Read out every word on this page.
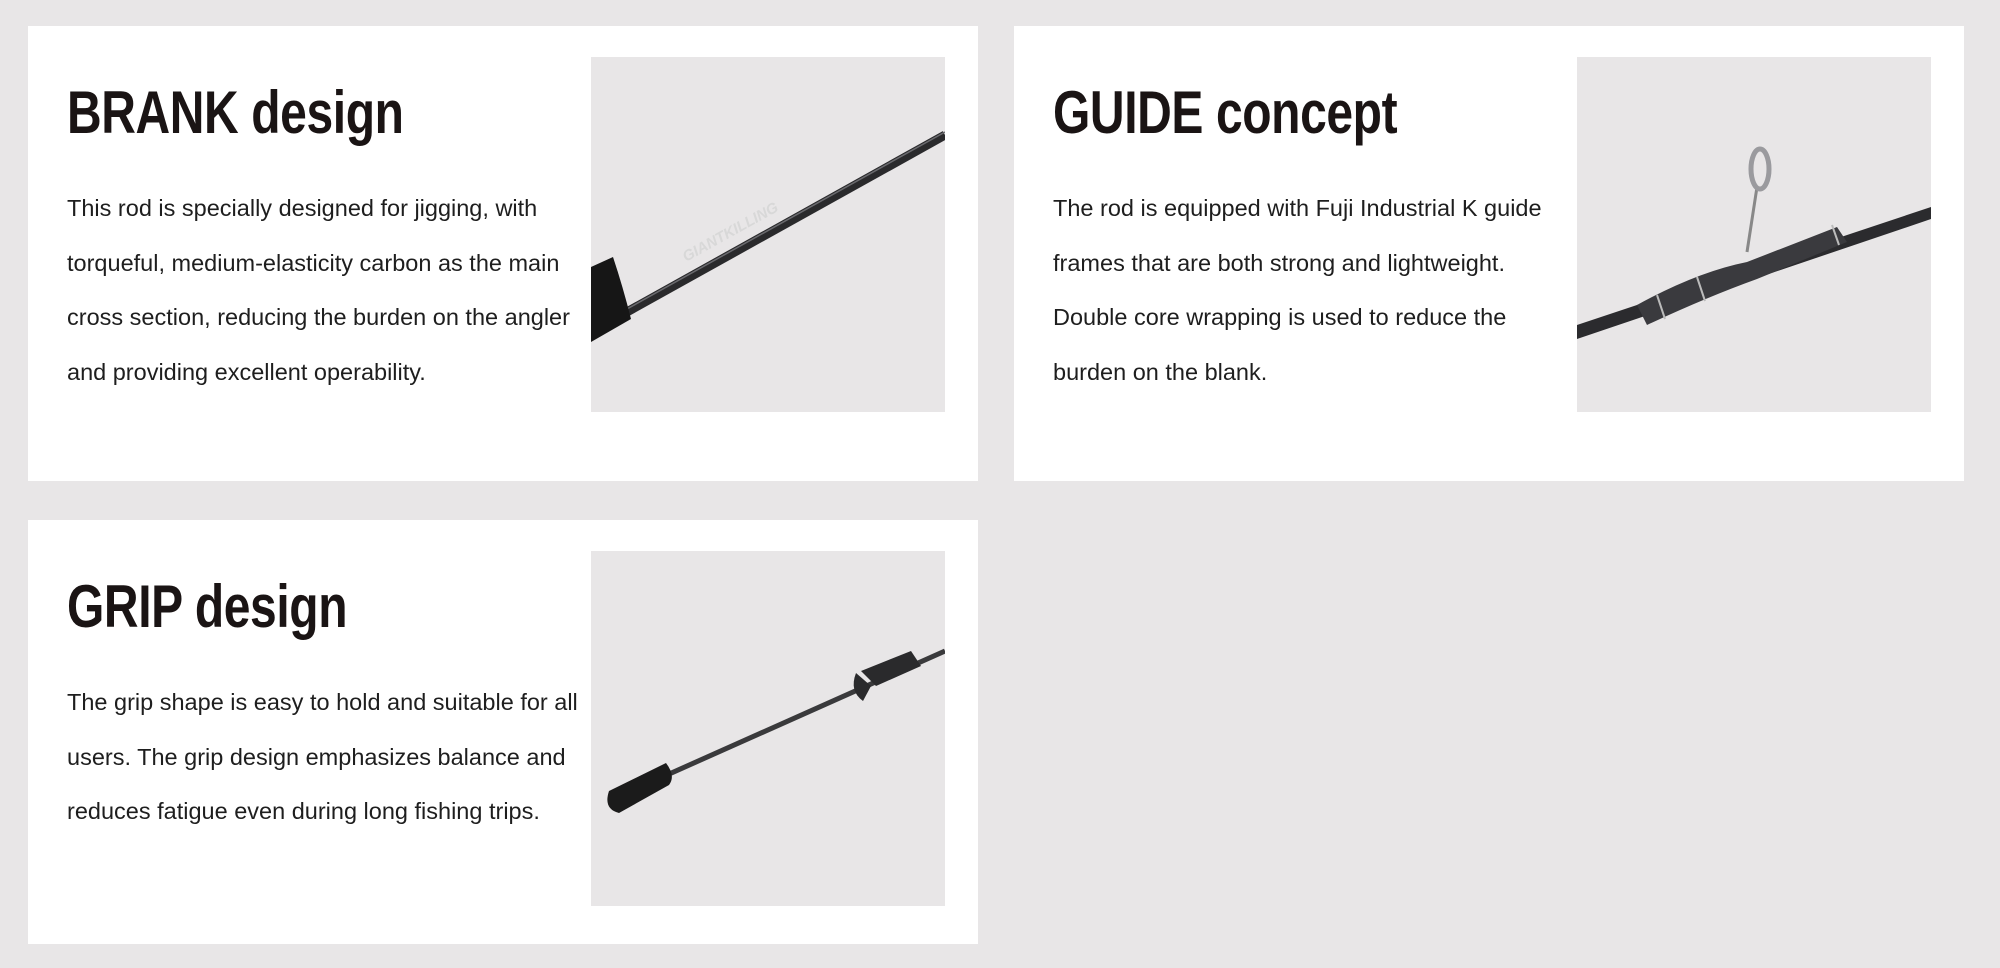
BRANK design
This rod is specially designed for jigging, with torqueful, medium-elasticity carbon as the main cross section, reducing the burden on the angler and providing excellent operability.
GIANTKILLING
GUIDE concept
The rod is equipped with Fuji Industrial K guide frames that are both strong and lightweight. Double core wrapping is used to reduce the burden on the blank.
GRIP design
The grip shape is easy to hold and suitable for all users. The grip design emphasizes balance and reduces fatigue even during long fishing trips.
